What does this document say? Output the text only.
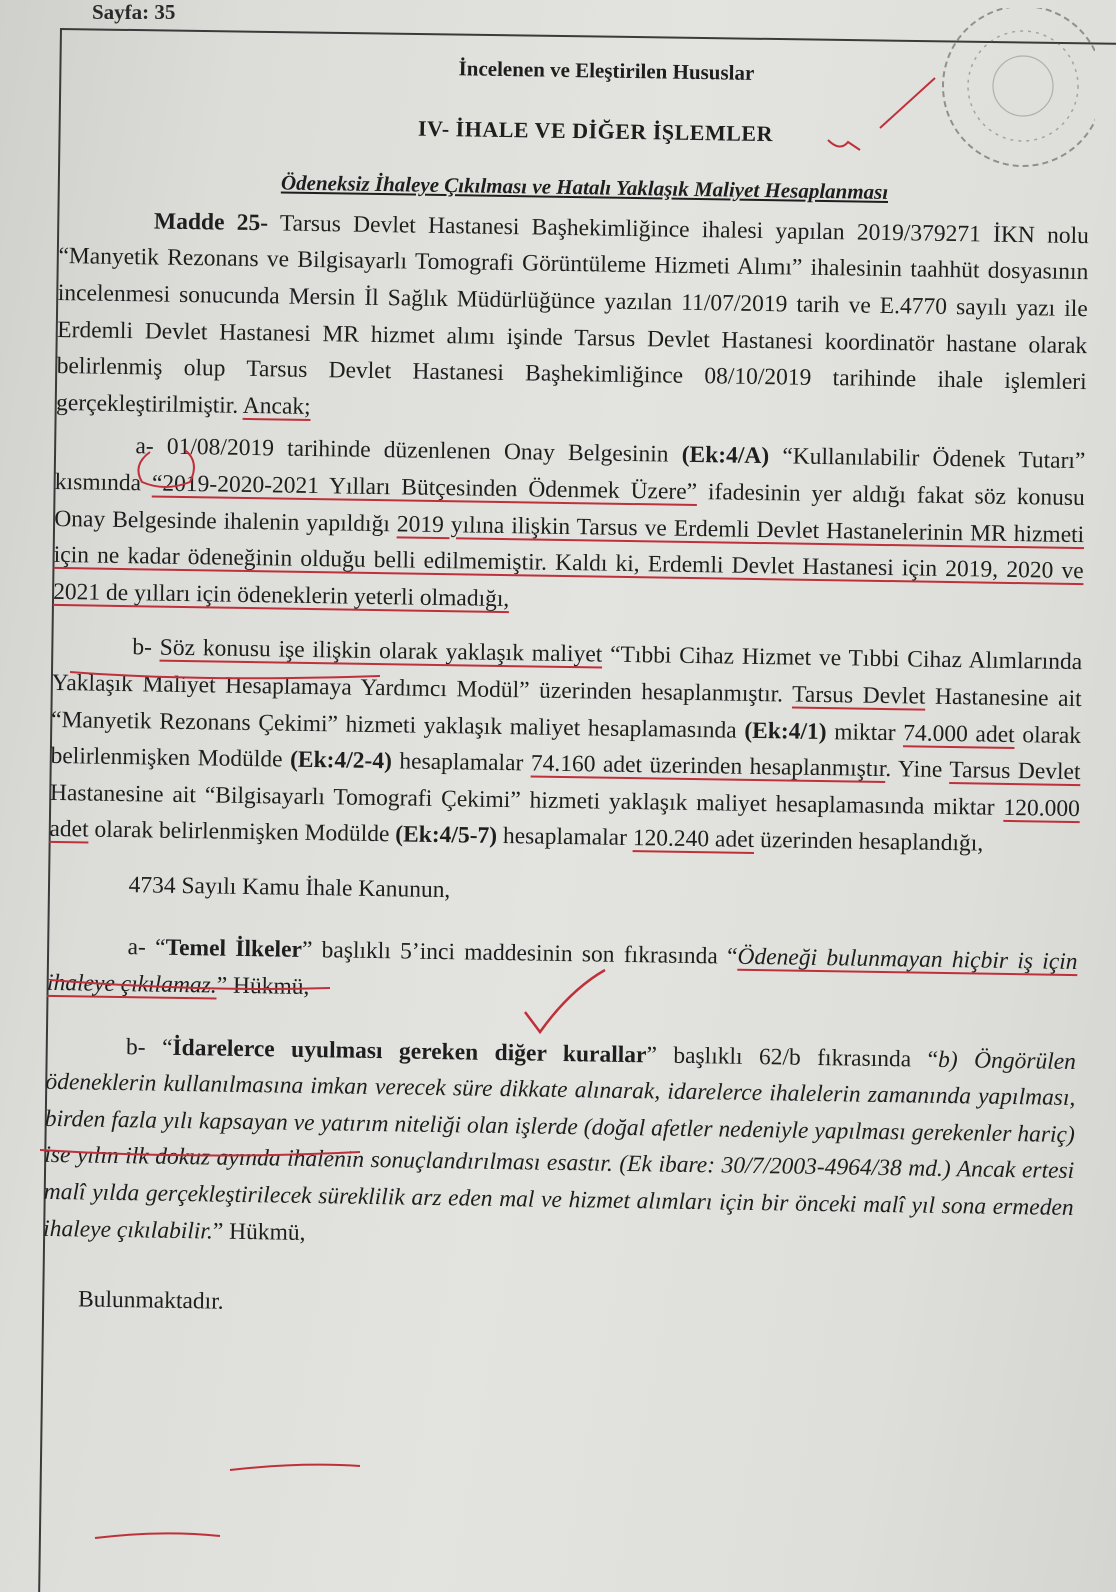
Sayfa: 35
İncelenen ve Eleştirilen Hususlar
IV- İHALE VE DİĞER İŞLEMLER
Ödeneksiz İhaleye Çıkılması ve Hatalı Yaklaşık Maliyet Hesaplanması

Madde 25- Tarsus Devlet Hastanesi Başhekimliğince ihalesi yapılan 2019/379271 İKN nolu “Manyetik Rezonans ve Bilgisayarlı Tomografi Görüntüleme Hizmeti Alımı” ihalesinin taahhüt dosyasının incelenmesi sonucunda Mersin İl Sağlık Müdürlüğünce yazılan 11/07/2019 tarih ve E.4770 sayılı yazı ile Erdemli Devlet Hastanesi MR hizmet alımı işinde Tarsus Devlet Hastanesi koordinatör hastane olarak belirlenmiş olup Tarsus Devlet Hastanesi Başhekimliğince 08/10/2019 tarihinde ihale işlemleri gerçekleştirilmiştir. Ancak;

a- 01/08/2019 tarihinde düzenlenen Onay Belgesinin (Ek:4/A) “Kullanılabilir Ödenek Tutarı” kısmında “2019-2020-2021 Yılları Bütçesinden Ödenmek Üzere” ifadesinin yer aldığı fakat söz konusu Onay Belgesinde ihalenin yapıldığı 2019 yılına ilişkin Tarsus ve Erdemli Devlet Hastanelerinin MR hizmeti için ne kadar ödeneğinin olduğu belli edilmemiştir. Kaldı ki, Erdemli Devlet Hastanesi için 2019, 2020 ve 2021 de yılları için ödeneklerin yeterli olmadığı,

b- Söz konusu işe ilişkin olarak yaklaşık maliyet “Tıbbi Cihaz Hizmet ve Tıbbi Cihaz Alımlarında Yaklaşık Maliyet Hesaplamaya Yardımcı Modül” üzerinden hesaplanmıştır. Tarsus Devlet Hastanesine ait “Manyetik Rezonans Çekimi” hizmeti yaklaşık maliyet hesaplamasında (Ek:4/1) miktar 74.000 adet olarak belirlenmişken Modülde (Ek:4/2-4) hesaplamalar 74.160 adet üzerinden hesaplanmıştır. Yine Tarsus Devlet Hastanesine ait “Bilgisayarlı Tomografi Çekimi” hizmeti yaklaşık maliyet hesaplamasında miktar 120.000 adet olarak belirlenmişken Modülde (Ek:4/5-7) hesaplamalar 120.240 adet üzerinden hesaplandığı,

4734 Sayılı Kamu İhale Kanunun,

a- “Temel İlkeler” başlıklı 5’inci maddesinin son fıkrasında “Ödeneği bulunmayan hiçbir iş için ihaleye çıkılamaz.” Hükmü,

b- “İdarelerce uyulması gereken diğer kurallar” başlıklı 62/b fıkrasında “b) Öngörülen ödeneklerin kullanılmasına imkan verecek süre dikkate alınarak, idarelerce ihalelerin zamanında yapılması, birden fazla yılı kapsayan ve yatırım niteliği olan işlerde (doğal afetler nedeniyle yapılması gerekenler hariç) ise yılın ilk dokuz ayında ihalenin sonuçlandırılması esastır. (Ek ibare: 30/7/2003-4964/38 md.) Ancak ertesi malî yılda gerçekleştirilecek süreklilik arz eden mal ve hizmet alımları için bir önceki malî yıl sona ermeden ihaleye çıkılabilir.” Hükmü,

Bulunmaktadır.
